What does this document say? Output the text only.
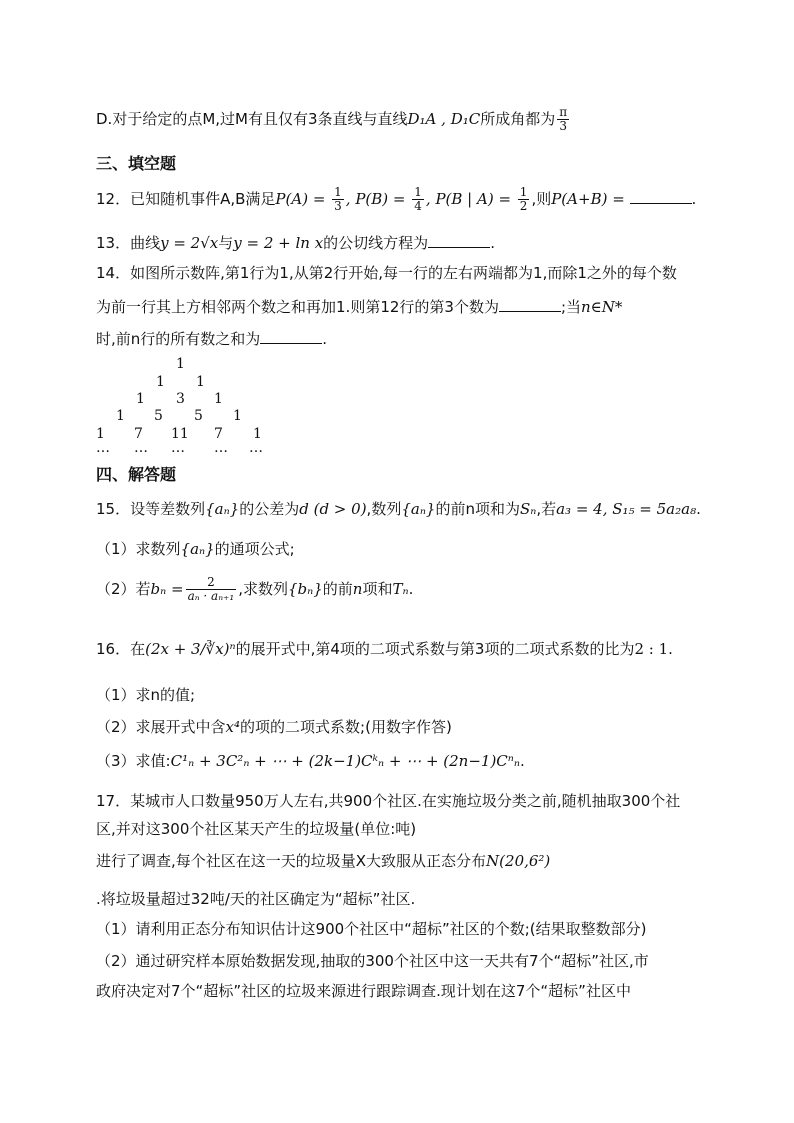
D.对于给定的点M,过M有且仅有3条直线与直线D₁A , D₁C所成角都为 $\frac{\pi}{3}$
三、填空题
12．已知随机事件A,B满足$P(A) = \frac{1}{3}$ , $P(B) = \frac{1}{4}$ , P(B | $A) = \frac{1}{2}$ ,则P(A+B) =	.
13．曲线y = 2√x与y = 2 + ln x的公切线方程为	.
14．如图所示数阵,第1行为1,从第2行开始,每一行的左右两端都为1,而除1之外的每个数
为前一行其上方相邻两个数之和再加1.则第12行的第3个数为	;当n∈N*
时,前n行的所有数之和为	.
1
1 1
1 3 1
1 5 5 1
1 7 11 7 1
… … … … …
四、解答题
15．设等差数列{aₙ}的公差为d (d > 0),数列{aₙ}的前n项和为Sₙ,若a₃ = 4, S₁₅ = 5a₂a₈.
（1）求数列{aₙ}的通项公式;
（2）若$b_n = \frac{2}{\text{aₙ · aₙ₊₁}}$ ,求数列{bₙ}的前n项和Tₙ.
16．在(2x + 3/∛x)ⁿ的展开式中,第4项的二项式系数与第3项的二项式系数的比为2 : 1.
（1）求n的值;
（2）求展开式中含x⁴的项的二项式系数;(用数字作答)
（3）求值:C¹ₙ + 3C²ₙ + ⋯ + (2k−1)Cᵏₙ + ⋯ + (2n−1)Cⁿₙ.
17．某城市人口数量950万人左右,共900个社区.在实施垃圾分类之前,随机抽取300个社
区,并对这300个社区某天产生的垃圾量(单位:吨)
进行了调查,每个社区在这一天的垃圾量X大致服从正态分布N(20,6²)
.将垃圾量超过32吨/天的社区确定为“超标”社区.
（1）请利用正态分布知识估计这900个社区中“超标”社区的个数;(结果取整数部分)
（2）通过研究样本原始数据发现,抽取的300个社区中这一天共有7个“超标”社区,市
政府决定对7个“超标”社区的垃圾来源进行跟踪调查.现计划在这7个“超标”社区中
